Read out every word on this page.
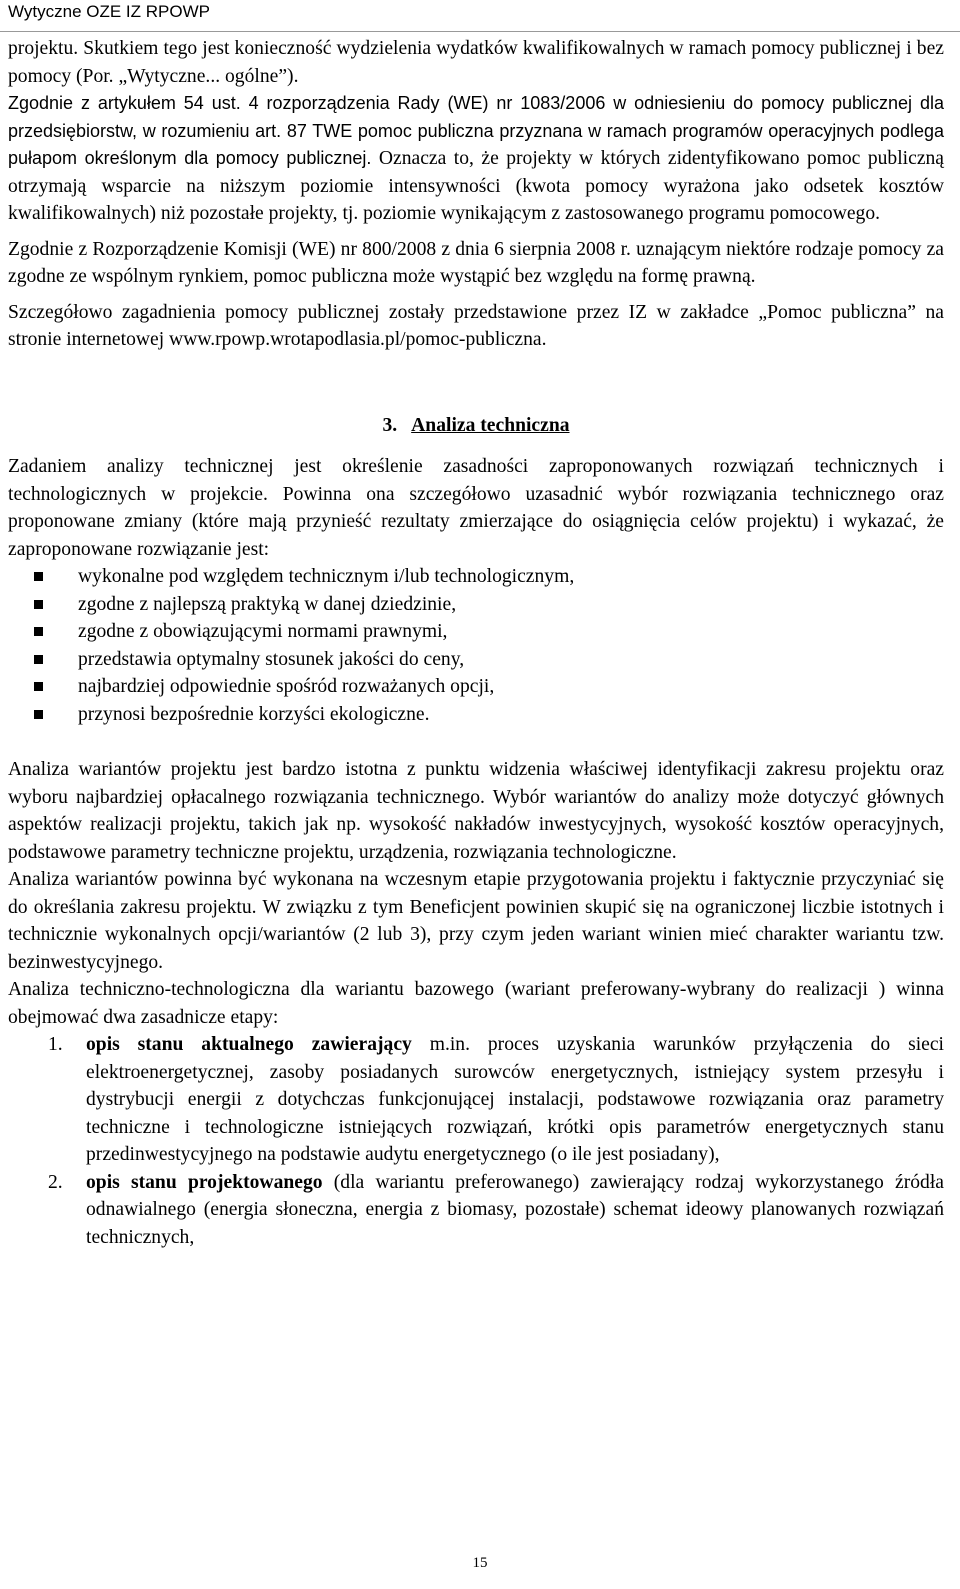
Wytyczne OZE IZ RPOWP

projektu. Skutkiem tego jest konieczność wydzielenia wydatków kwalifikowalnych w ramach pomocy publicznej i bez pomocy (Por. „Wytyczne... ogólne”).

Zgodnie z artykułem 54 ust. 4 rozporządzenia Rady (WE) nr 1083/2006 w odniesieniu do pomocy publicznej dla przedsiębiorstw, w rozumieniu art. 87 TWE pomoc publiczna przyznana w ramach programów operacyjnych podlega pułapom określonym dla pomocy publicznej. Oznacza to, że projekty w których zidentyfikowano pomoc publiczną otrzymają wsparcie na niższym poziomie intensywności (kwota pomocy wyrażona jako odsetek kosztów kwalifikowalnych) niż pozostałe projekty, tj. poziomie wynikającym z zastosowanego programu pomocowego.

Zgodnie z Rozporządzenie Komisji (WE) nr 800/2008 z dnia 6 sierpnia 2008 r. uznającym niektóre rodzaje pomocy za zgodne ze wspólnym rynkiem, pomoc publiczna może wystąpić bez względu na formę prawną.

Szczegółowo zagadnienia pomocy publicznej zostały przedstawione przez IZ w zakładce „Pomoc publiczna” na stronie internetowej www.rpowp.wrotapodlasia.pl/pomoc-publiczna.

3. Analiza techniczna

Zadaniem analizy technicznej jest określenie zasadności zaproponowanych rozwiązań technicznych i technologicznych w projekcie. Powinna ona szczegółowo uzasadnić wybór rozwiązania technicznego oraz proponowane zmiany (które mają przynieść rezultaty zmierzające do osiągnięcia celów projektu) i wykazać, że zaproponowane rozwiązanie jest:

wykonalne pod względem technicznym i/lub technologicznym,
zgodne z najlepszą praktyką w danej dziedzinie,
zgodne z obowiązującymi normami prawnymi,
przedstawia optymalny stosunek jakości do ceny,
najbardziej odpowiednie spośród rozważanych opcji,
przynosi bezpośrednie korzyści ekologiczne.

Analiza wariantów projektu jest bardzo istotna z punktu widzenia właściwej identyfikacji zakresu projektu oraz wyboru najbardziej opłacalnego rozwiązania technicznego. Wybór wariantów do analizy może dotyczyć głównych aspektów realizacji projektu, takich jak np. wysokość nakładów inwestycyjnych, wysokość kosztów operacyjnych, podstawowe parametry techniczne projektu, urządzenia, rozwiązania technologiczne.

Analiza wariantów powinna być wykonana na wczesnym etapie przygotowania projektu i faktycznie przyczyniać się do określania zakresu projektu. W związku z tym Beneficjent powinien skupić się na ograniczonej liczbie istotnych i technicznie wykonalnych opcji/wariantów (2 lub 3), przy czym jeden wariant winien mieć charakter wariantu tzw. bezinwestycyjnego.

Analiza techniczno-technologiczna dla wariantu bazowego (wariant preferowany-wybrany do realizacji ) winna obejmować dwa zasadnicze etapy:

1. opis stanu aktualnego zawierający m.in. proces uzyskania warunków przyłączenia do sieci elektroenergetycznej, zasoby posiadanych surowców energetycznych, istniejący system przesyłu i dystrybucji energii z dotychczas funkcjonującej instalacji, podstawowe rozwiązania oraz parametry techniczne i technologiczne istniejących rozwiązań, krótki opis parametrów energetycznych stanu przedinwestycyjnego na podstawie audytu energetycznego (o ile jest posiadany),
2. opis stanu projektowanego (dla wariantu preferowanego) zawierający rodzaj wykorzystanego źródła odnawialnego (energia słoneczna, energia z biomasy, pozostałe) schemat ideowy planowanych rozwiązań technicznych,
15
